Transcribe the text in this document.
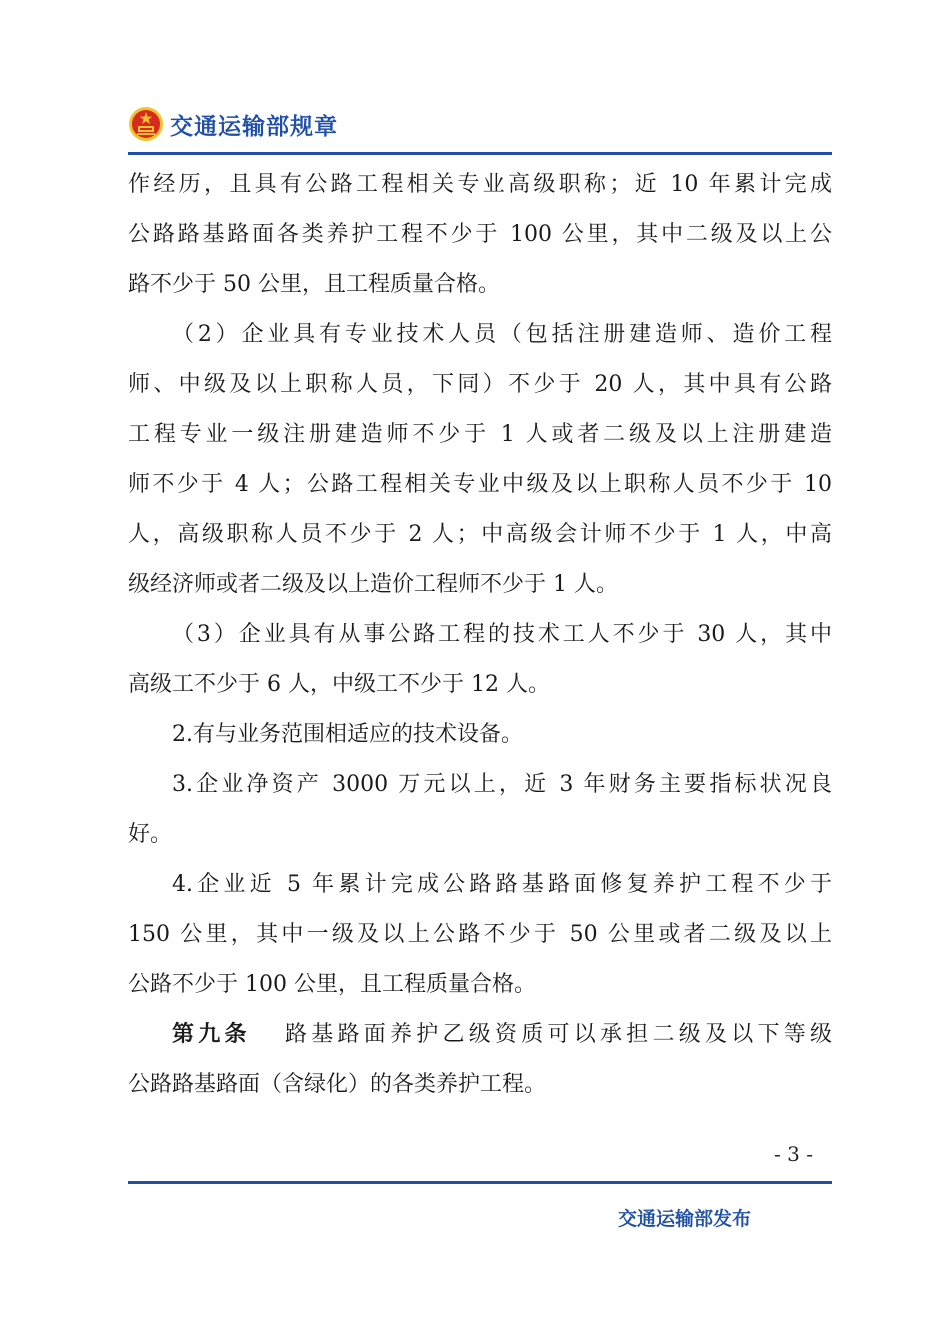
交通运输部规章
作经历，且具有公路工程相关专业高级职称；近 10 年累计完成
公路路基路面各类养护工程不少于 100 公里，其中二级及以上公
路不少于 50 公里，且工程质量合格。
（2）企业具有专业技术人员（包括注册建造师、造价工程
师、中级及以上职称人员，下同）不少于 20 人，其中具有公路
工程专业一级注册建造师不少于 1 人或者二级及以上注册建造
师不少于 4 人；公路工程相关专业中级及以上职称人员不少于 10
人，高级职称人员不少于 2 人；中高级会计师不少于 1 人，中高
级经济师或者二级及以上造价工程师不少于 1 人。
（3）企业具有从事公路工程的技术工人不少于 30 人，其中
高级工不少于 6 人，中级工不少于 12 人。
2.有与业务范围相适应的技术设备。
3.企业净资产 3000 万元以上，近 3 年财务主要指标状况良
好。
4.企业近 5 年累计完成公路路基路面修复养护工程不少于
150 公里，其中一级及以上公路不少于 50 公里或者二级及以上
公路不少于 100 公里，且工程质量合格。
第九条 路基路面养护乙级资质可以承担二级及以下等级
公路路基路面（含绿化）的各类养护工程。
- 3 -
交通运输部发布
